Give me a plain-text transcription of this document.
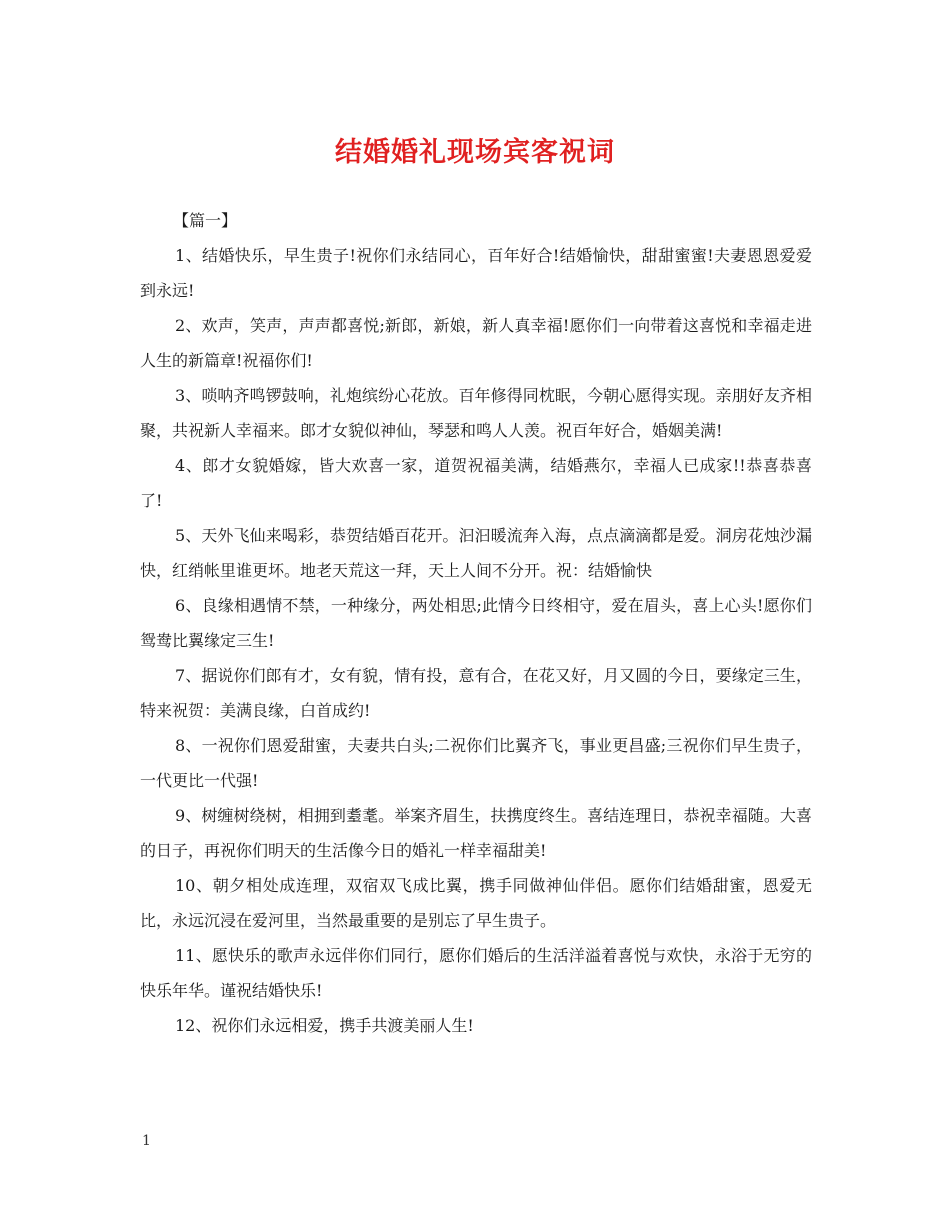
结婚婚礼现场宾客祝词

【篇一】

1、结婚快乐，早生贵子!祝你们永结同心，百年好合!结婚愉快，甜甜蜜蜜!夫妻恩恩爱爱到永远!

2、欢声，笑声，声声都喜悦;新郎，新娘，新人真幸福!愿你们一向带着这喜悦和幸福走进人生的新篇章!祝福你们!

3、唢呐齐鸣锣鼓响，礼炮缤纷心花放。百年修得同枕眠，今朝心愿得实现。亲朋好友齐相聚，共祝新人幸福来。郎才女貌似神仙，琴瑟和鸣人人羡。祝百年好合，婚姻美满!

4、郎才女貌婚嫁，皆大欢喜一家，道贺祝福美满，结婚燕尔，幸福人已成家!!恭喜恭喜了!

5、天外飞仙来喝彩，恭贺结婚百花开。汩汩暖流奔入海，点点滴滴都是爱。洞房花烛沙漏快，红绡帐里谁更坏。地老天荒这一拜，天上人间不分开。祝：结婚愉快

6、良缘相遇情不禁，一种缘分，两处相思;此情今日终相守，爱在眉头，喜上心头!愿你们鸳鸯比翼缘定三生!

7、据说你们郎有才，女有貌，情有投，意有合，在花又好，月又圆的今日，要缘定三生，特来祝贺：美满良缘，白首成约!

8、一祝你们恩爱甜蜜，夫妻共白头;二祝你们比翼齐飞，事业更昌盛;三祝你们早生贵子，一代更比一代强!

9、树缠树绕树，相拥到耋耄。举案齐眉生，扶携度终生。喜结连理日，恭祝幸福随。大喜的日子，再祝你们明天的生活像今日的婚礼一样幸福甜美!

10、朝夕相处成连理，双宿双飞成比翼，携手同做神仙伴侣。愿你们结婚甜蜜，恩爱无比，永远沉浸在爱河里，当然最重要的是别忘了早生贵子。

11、愿快乐的歌声永远伴你们同行，愿你们婚后的生活洋溢着喜悦与欢快，永浴于无穷的快乐年华。谨祝结婚快乐!

12、祝你们永远相爱，携手共渡美丽人生!

1
